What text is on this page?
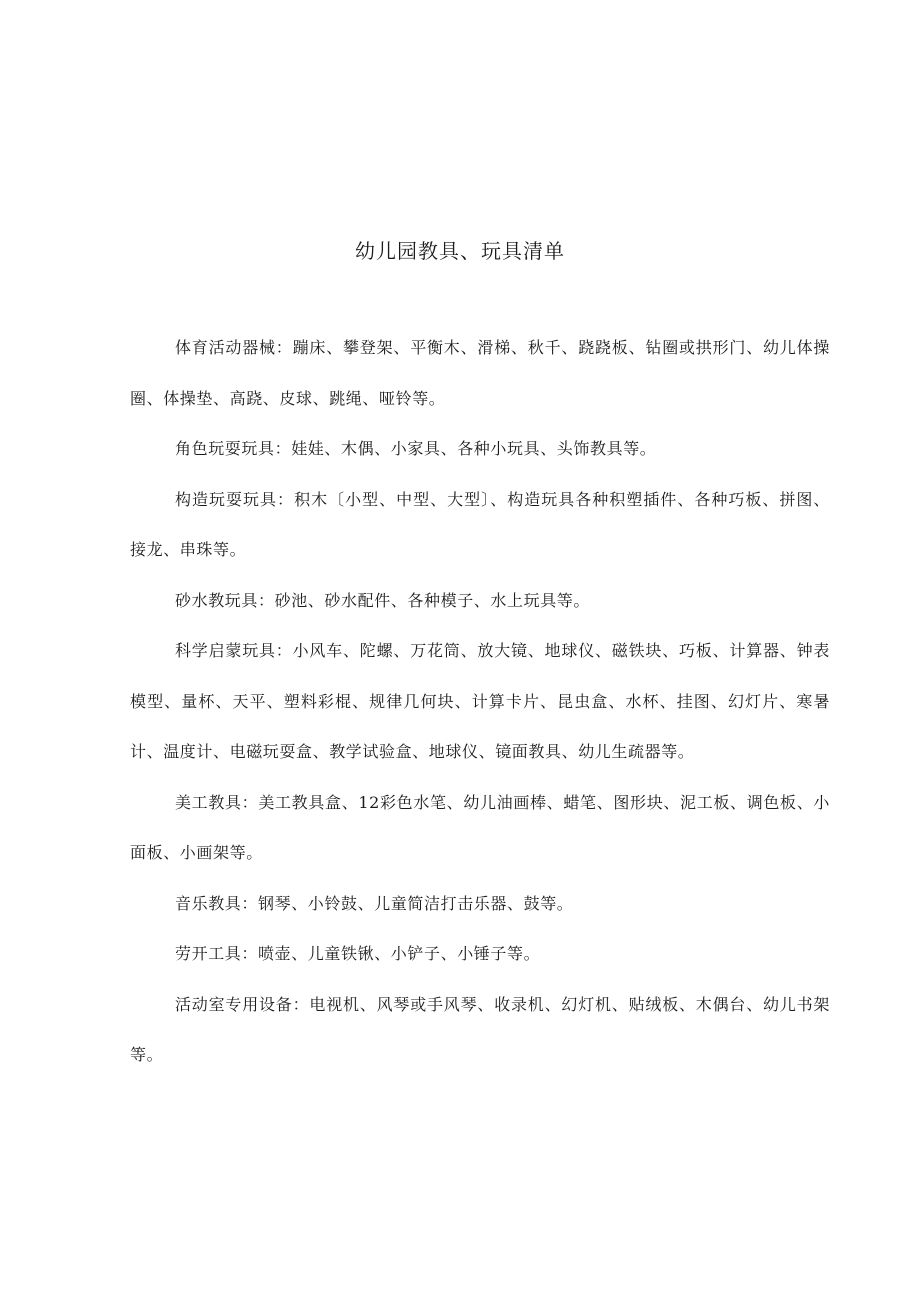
幼儿园教具、玩具清单

体育活动器械：蹦床、攀登架、平衡木、滑梯、秋千、跷跷板、钻圈或拱形门、幼儿体操圈、体操垫、高跷、皮球、跳绳、哑铃等。

角色玩耍玩具：娃娃、木偶、小家具、各种小玩具、头饰教具等。

构造玩耍玩具：积木〔小型、中型、大型〕、构造玩具各种积塑插件、各种巧板、拼图、接龙、串珠等。

砂水教玩具：砂池、砂水配件、各种模子、水上玩具等。

科学启蒙玩具：小风车、陀螺、万花筒、放大镜、地球仪、磁铁块、巧板、计算器、钟表模型、量杯、天平、塑料彩棍、规律几何块、计算卡片、昆虫盒、水杯、挂图、幻灯片、寒暑计、温度计、电磁玩耍盒、教学试验盒、地球仪、镜面教具、幼儿生疏器等。

美工教具：美工教具盒、12彩色水笔、幼儿油画棒、蜡笔、图形块、泥工板、调色板、小面板、小画架等。

音乐教具：钢琴、小铃鼓、儿童简洁打击乐器、鼓等。

劳开工具：喷壶、儿童铁锹、小铲子、小锤子等。

活动室专用设备：电视机、风琴或手风琴、收录机、幻灯机、贴绒板、木偶台、幼儿书架等。
